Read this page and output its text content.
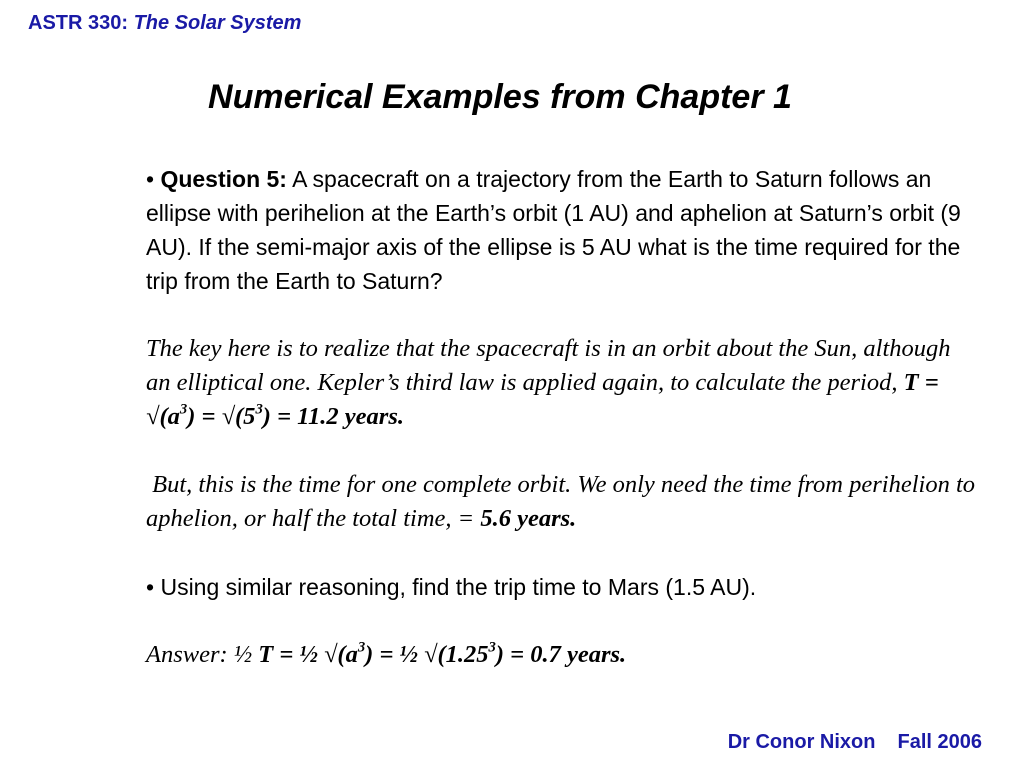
ASTR 330: The Solar System
Numerical Examples from Chapter 1

• Question 5: A spacecraft on a trajectory from the Earth to Saturn follows an ellipse with perihelion at the Earth’s orbit (1 AU) and aphelion at Saturn’s orbit (9 AU). If the semi-major axis of the ellipse is 5 AU what is the time required for the trip from the Earth to Saturn?

The key here is to realize that the spacecraft is in an orbit about the Sun, although an elliptical one. Kepler’s third law is applied again, to calculate the period, $T = √(a^3) = √(5^3) = 11.2$ years.

But, this is the time for one complete orbit. We only need the time from perihelion to aphelion, or half the total time, = 5.6 years.

• Using similar reasoning, find the trip time to Mars (1.5 AU).

Answer: ½ T = ½ $√(a^3)$ = ½ $√(1.25^3) = 0.7$ years.

Dr Conor Nixon Fall 2006
